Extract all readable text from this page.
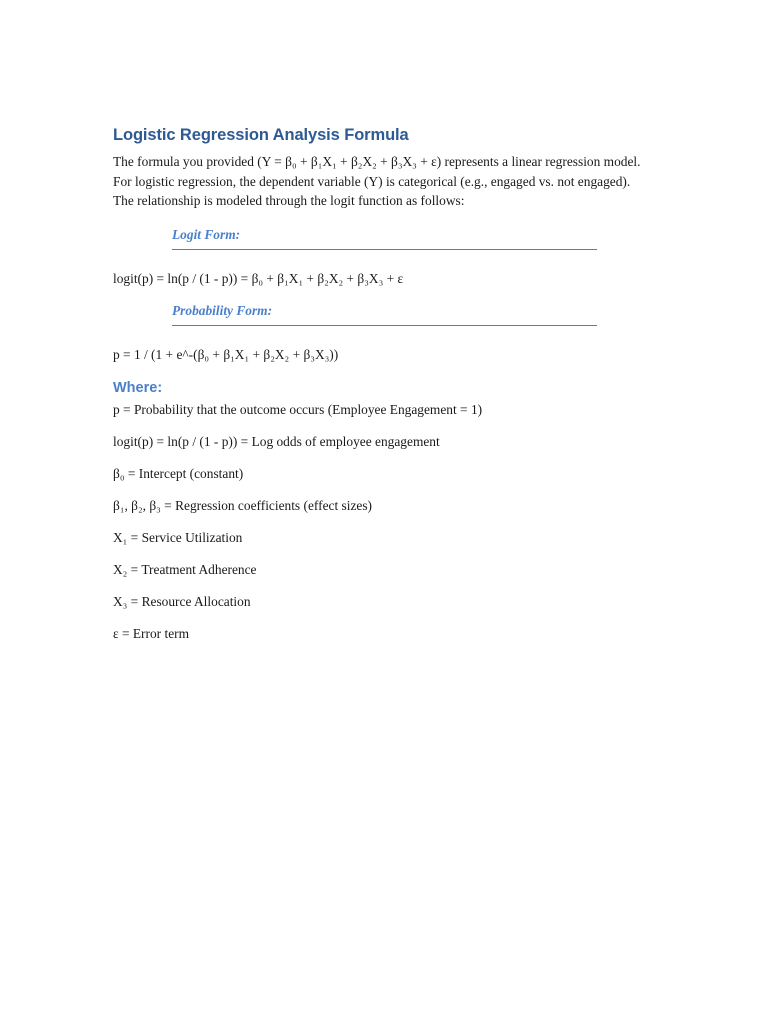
Logistic Regression Analysis Formula

The formula you provided (Y = β₀ + β₁X₁ + β₂X₂ + β₃X₃ + ε) represents a linear regression model. For logistic regression, the dependent variable (Y) is categorical (e.g., engaged vs. not engaged). The relationship is modeled through the logit function as follows:

Logit Form:
logit(p) = ln(p / (1 - p)) = β₀ + β₁X₁ + β₂X₂ + β₃X₃ + ε
Probability Form:
p = 1 / (1 + e^-(β₀ + β₁X₁ + β₂X₂ + β₃X₃))
Where:

p = Probability that the outcome occurs (Employee Engagement = 1)

logit(p) = ln(p / (1 - p)) = Log odds of employee engagement

β₀ = Intercept (constant)

β₁, β₂, β₃ = Regression coefficients (effect sizes)

X₁ = Service Utilization

X₂ = Treatment Adherence

X₃ = Resource Allocation

ε = Error term
